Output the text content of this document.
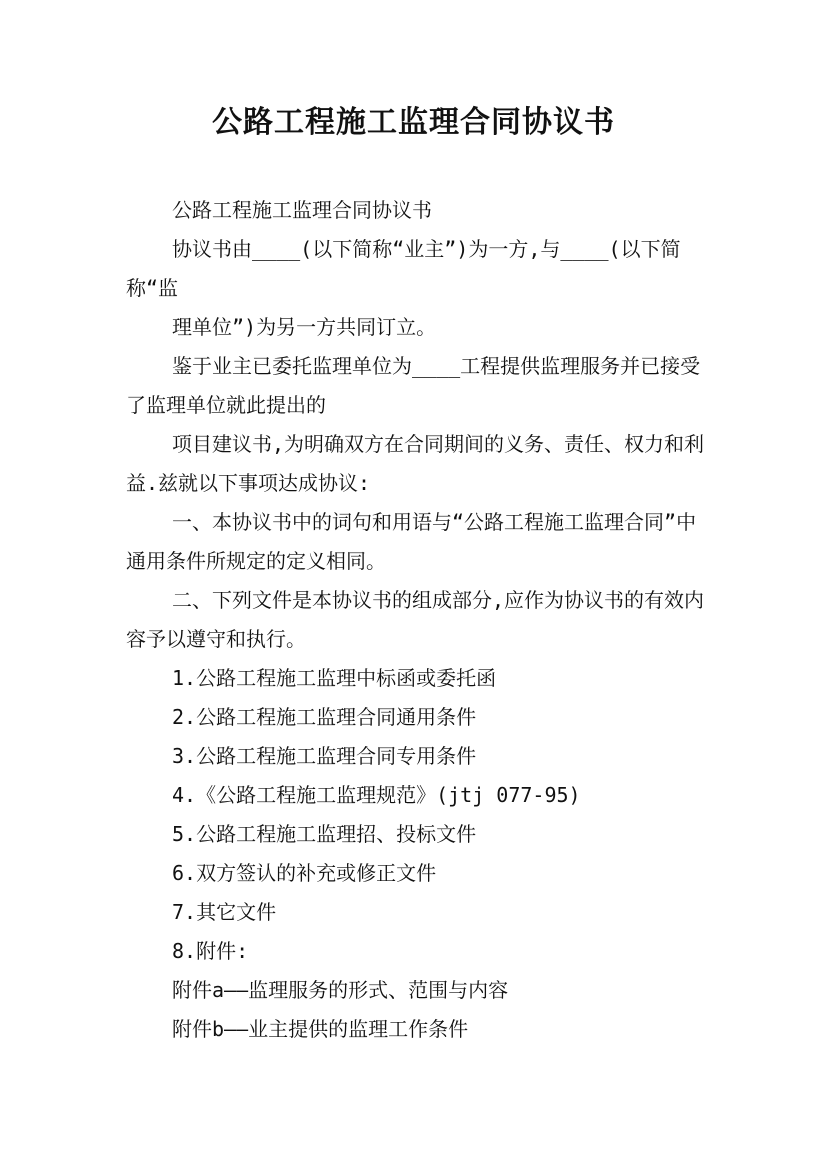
公路工程施工监理合同协议书

公路工程施工监理合同协议书

协议书由____(以下简称“业主”)为一方,与____(以下简称“监

理单位”)为另一方共同订立。

鉴于业主已委托监理单位为____工程提供监理服务并已接受了监理单位就此提出的

项目建议书,为明确双方在合同期间的义务、责任、权力和利益.兹就以下事项达成协议:

一、本协议书中的词句和用语与“公路工程施工监理合同”中通用条件所规定的定义相同。

二、下列文件是本协议书的组成部分,应作为协议书的有效内容予以遵守和执行。

1.公路工程施工监理中标函或委托函

2.公路工程施工监理合同通用条件

3.公路工程施工监理合同专用条件

4.《公路工程施工监理规范》(jtj 077-95)

5.公路工程施工监理招、投标文件

6.双方签认的补充或修正文件

7.其它文件

8.附件:

附件a——监理服务的形式、范围与内容

附件b——业主提供的监理工作条件
